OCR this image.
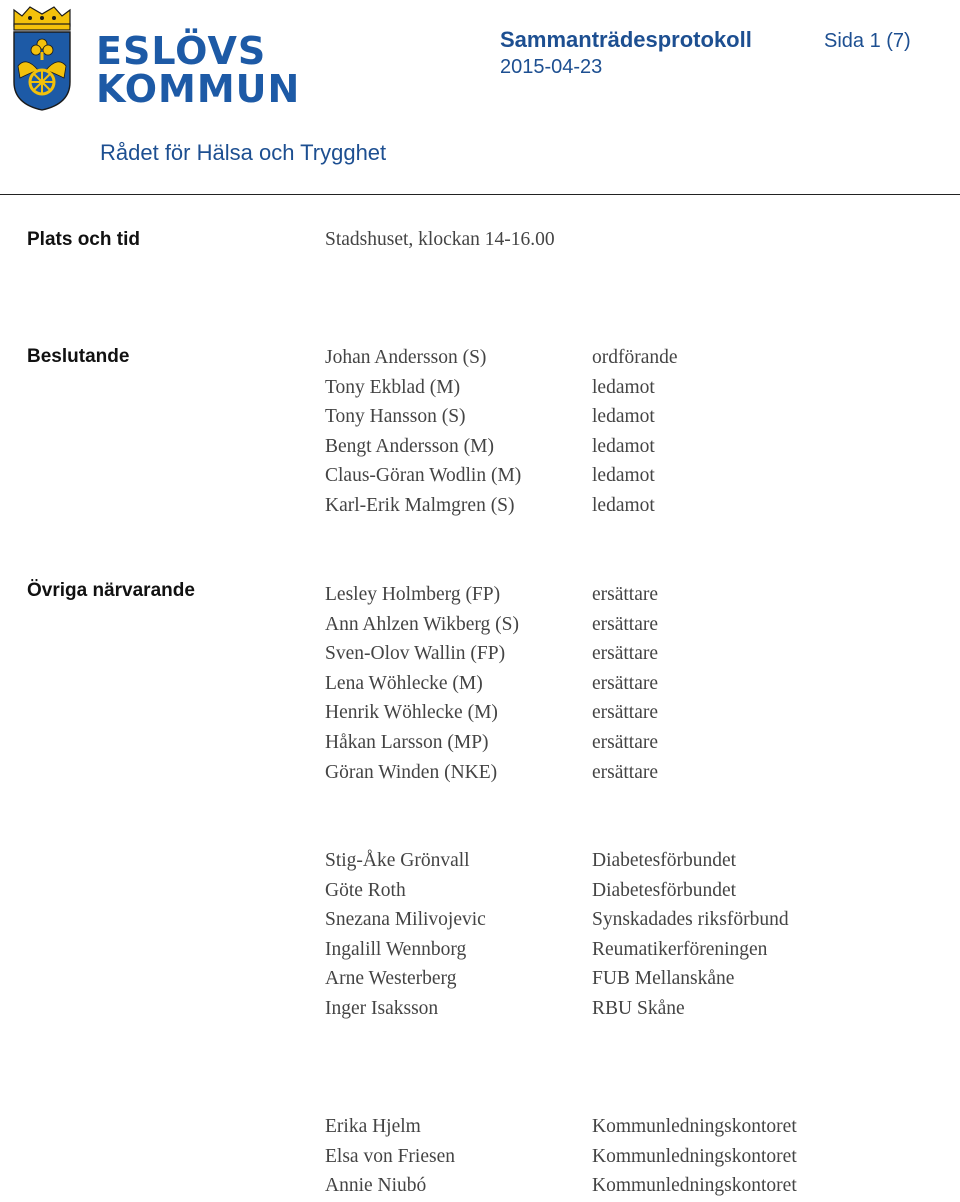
ESLÖVS
KOMMUN
Sammanträdesprotokoll	Sida 1 (7)
2015-04-23
Rådet för Hälsa och Trygghet
Plats och tid	Stadshuset, klockan 14-16.00
Beslutande	Johan Andersson (S)	ordförande
Tony Ekblad (M)	ledamot
Tony Hansson (S)	ledamot
Bengt Andersson (M)	ledamot
Claus-Göran Wodlin (M)	ledamot
Karl-Erik Malmgren (S)	ledamot
Övriga närvarande	Lesley Holmberg (FP)	ersättare
Ann Ahlzen Wikberg (S)	ersättare
Sven-Olov Wallin (FP)	ersättare
Lena Wöhlecke (M)	ersättare
Henrik Wöhlecke (M)	ersättare
Håkan Larsson (MP)	ersättare
Göran Winden (NKE)	ersättare
Stig-Åke Grönvall	Diabetesförbundet
Göte Roth	Diabetesförbundet
Snezana Milivojevic	Synskadades riksförbund
Ingalill Wennborg	Reumatikerföreningen
Arne Westerberg	FUB Mellanskåne
Inger Isaksson	RBU Skåne
Erika Hjelm	Kommunledningskontoret
Elsa von Friesen	Kommunledningskontoret
Annie Niubó	Kommunledningskontoret
